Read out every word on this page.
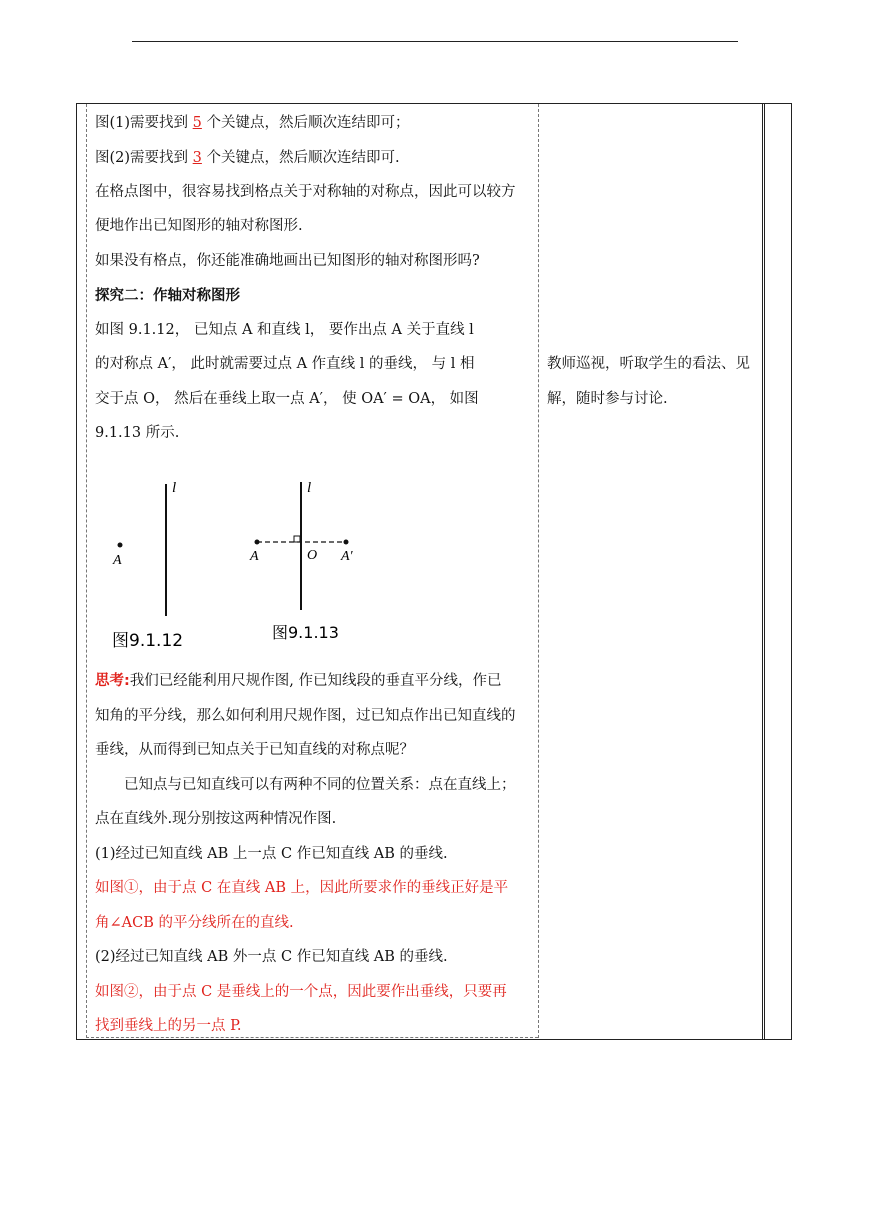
图(1)需要找到 5 个关键点，然后顺次连结即可；
图(2)需要找到 3 个关键点，然后顺次连结即可.
在格点图中，很容易找到格点关于对称轴的对称点，因此可以较方
便地作出已知图形的轴对称图形.
如果没有格点，你还能准确地画出已知图形的轴对称图形吗?
探究二：作轴对称图形
如图 9.1.12， 已知点 A 和直线 l， 要作出点 A 关于直线 l
的对称点 A′， 此时就需要过点 A 作直线 l 的垂线， 与 l 相
交于点 O， 然后在垂线上取一点 A′， 使 OA′ = OA， 如图
9.1.13 所示.
l
A
图9.1.12
l
A	O A′
图9.1.13
思考:我们已经能利用尺规作图, 作已知线段的垂直平分线，作已
知角的平分线，那么如何利用尺规作图，过已知点作出已知直线的
垂线，从而得到已知点关于已知直线的对称点呢？
已知点与已知直线可以有两种不同的位置关系：点在直线上；
点在直线外.现分别按这两种情况作图.
(1)经过已知直线 AB 上一点 C 作已知直线 AB 的垂线.
如图①，由于点 C 在直线 AB 上，因此所要求作的垂线正好是平
角∠ACB 的平分线所在的直线.
(2)经过已知直线 AB 外一点 C 作已知直线 AB 的垂线.
如图②，由于点 C 是垂线上的一个点，因此要作出垂线，只要再
找到垂线上的另一点 P.
教师巡视，听取学生的看法、见
解，随时参与讨论.
